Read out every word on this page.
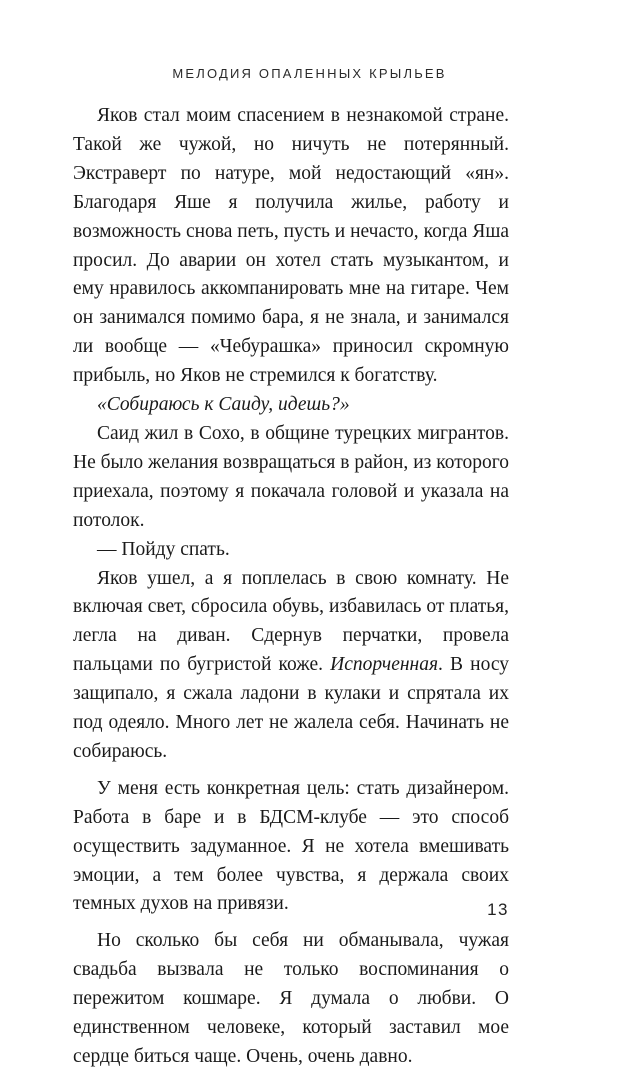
МЕЛОДИЯ ОПАЛЕННЫХ КРЫЛЬЕВ

Яков стал моим спасением в незнакомой стране. Такой же чужой, но ничуть не потерянный. Экстраверт по натуре, мой недостающий «ян». Благодаря Яше я получила жилье, работу и возможность снова петь, пусть и нечасто, когда Яша просил. До аварии он хотел стать музыкантом, и ему нравилось аккомпанировать мне на гитаре. Чем он занимался помимо бара, я не знала, и занимался ли вообще — «Чебурашка» приносил скромную прибыль, но Яков не стремился к богатству.

«Собираюсь к Саиду, идешь?»

Саид жил в Сохо, в общине турецких мигрантов. Не было желания возвращаться в район, из которого приехала, поэтому я покачала головой и указала на потолок.

— Пойду спать.

Яков ушел, а я поплелась в свою комнату. Не включая свет, сбросила обувь, избавилась от платья, легла на диван. Сдернув перчатки, провела пальцами по бугристой коже. Испорченная. В носу защипало, я сжала ладони в кулаки и спрятала их под одеяло. Много лет не жалела себя. Начинать не собираюсь.

У меня есть конкретная цель: стать дизайнером. Работа в баре и в БДСМ-клубе — это способ осуществить задуманное. Я не хотела вмешивать эмоции, а тем более чувства, я держала своих темных духов на привязи.

Но сколько бы себя ни обманывала, чужая свадьба вызвала не только воспоминания о пережитом кошмаре. Я думала о любви. О единственном человеке, который заставил мое сердце биться чаще. Очень, очень давно.

13
